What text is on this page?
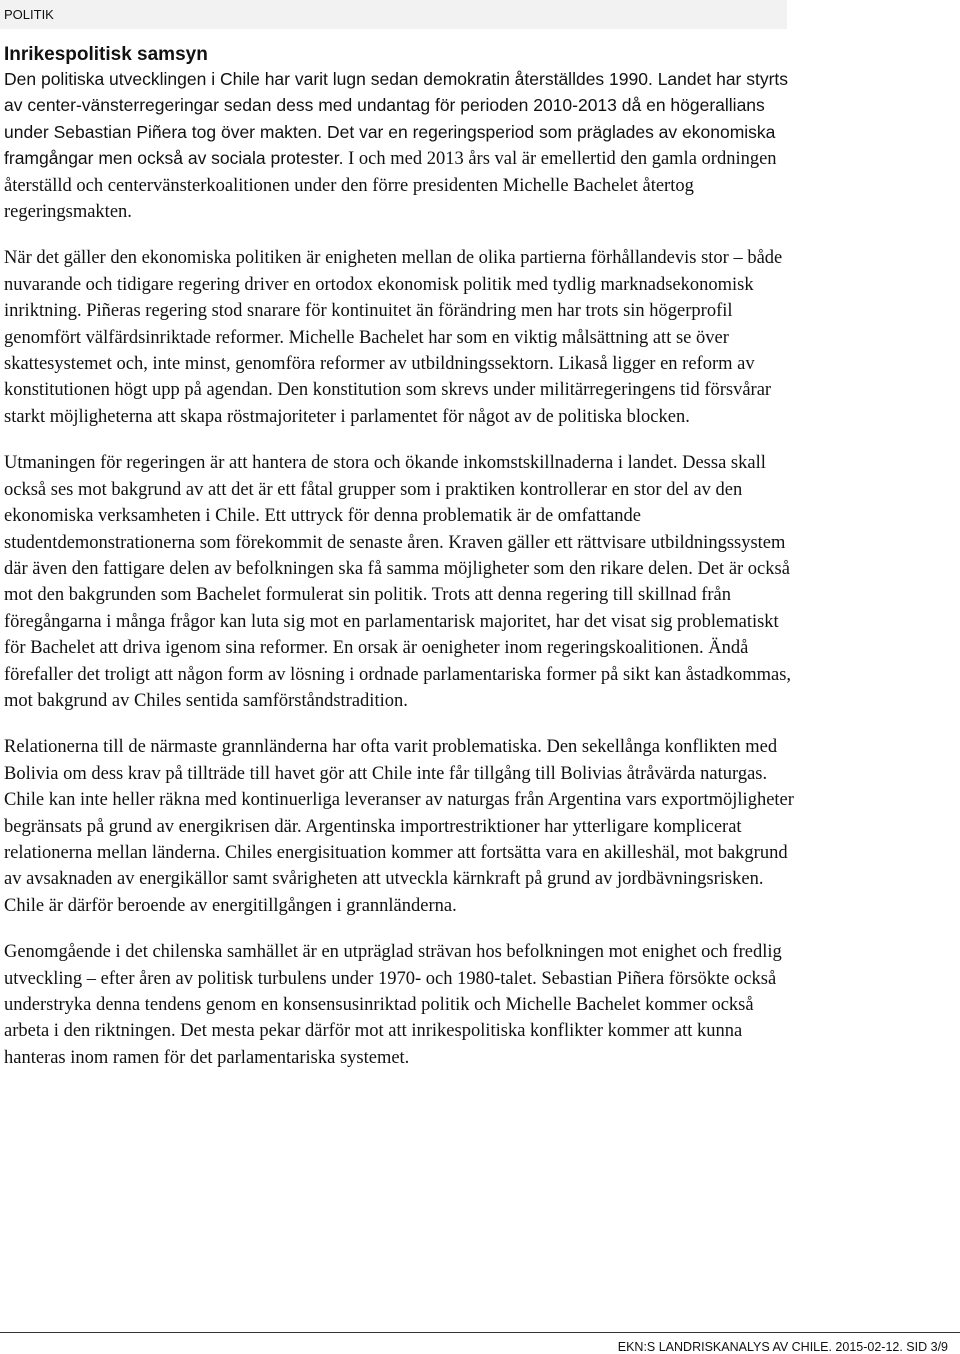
POLITIK
Inrikespolitisk samsyn

Den politiska utvecklingen i Chile har varit lugn sedan demokratin återställdes 1990. Landet har styrts av center-vänsterregeringar sedan dess med undantag för perioden 2010-2013 då en högerallians under Sebastian Piñera tog över makten. Det var en regeringsperiod som präglades av ekonomiska framgångar men också av sociala protester. I och med 2013 års val är emellertid den gamla ordningen återställd och centervänsterkoalitionen under den förre presidenten Michelle Bachelet återtog regeringsmakten.

När det gäller den ekonomiska politiken är enigheten mellan de olika partierna förhållandevis stor – både nuvarande och tidigare regering driver en ortodox ekonomisk politik med tydlig marknadsekonomisk inriktning. Piñeras regering stod snarare för kontinuitet än förändring men har trots sin högerprofil genomfört välfärdsinriktade reformer. Michelle Bachelet har som en viktig målsättning att se över skattesystemet och, inte minst, genomföra reformer av utbildningssektorn. Likaså ligger en reform av konstitutionen högt upp på agendan. Den konstitution som skrevs under militärregeringens tid försvårar starkt möjligheterna att skapa röstmajoriteter i parlamentet för något av de politiska blocken.

Utmaningen för regeringen är att hantera de stora och ökande inkomstskillnaderna i landet. Dessa skall också ses mot bakgrund av att det är ett fåtal grupper som i praktiken kontrollerar en stor del av den ekonomiska verksamheten i Chile. Ett uttryck för denna problematik är de omfattande studentdemonstrationerna som förekommit de senaste åren. Kraven gäller ett rättvisare utbildningssystem där även den fattigare delen av befolkningen ska få samma möjligheter som den rikare delen. Det är också mot den bakgrunden som Bachelet formulerat sin politik. Trots att denna regering till skillnad från föregångarna i många frågor kan luta sig mot en parlamentarisk majoritet, har det visat sig problematiskt för Bachelet att driva igenom sina reformer. En orsak är oenigheter inom regeringskoalitionen. Ändå förefaller det troligt att någon form av lösning i ordnade parlamentariska former på sikt kan åstadkommas, mot bakgrund av Chiles sentida samförståndstradition.

Relationerna till de närmaste grannländerna har ofta varit problematiska. Den sekellånga konflikten med Bolivia om dess krav på tillträde till havet gör att Chile inte får tillgång till Bolivias åtråvärda naturgas. Chile kan inte heller räkna med kontinuerliga leveranser av naturgas från Argentina vars exportmöjligheter begränsats på grund av energikrisen där. Argentinska importrestriktioner har ytterligare komplicerat relationerna mellan länderna. Chiles energisituation kommer att fortsätta vara en akilleshäl, mot bakgrund av avsaknaden av energikällor samt svårigheten att utveckla kärnkraft på grund av jordbävningsrisken. Chile är därför beroende av energitillgången i grannländerna.

Genomgående i det chilenska samhället är en utpräglad strävan hos befolkningen mot enighet och fredlig utveckling – efter åren av politisk turbulens under 1970- och 1980-talet. Sebastian Piñera försökte också understryka denna tendens genom en konsensusinriktad politik och Michelle Bachelet kommer också arbeta i den riktningen. Det mesta pekar därför mot att inrikespolitiska konflikter kommer att kunna hanteras inom ramen för det parlamentariska systemet.

EKN:S LANDRISKANALYS AV CHILE. 2015-02-12. SID 3/9
